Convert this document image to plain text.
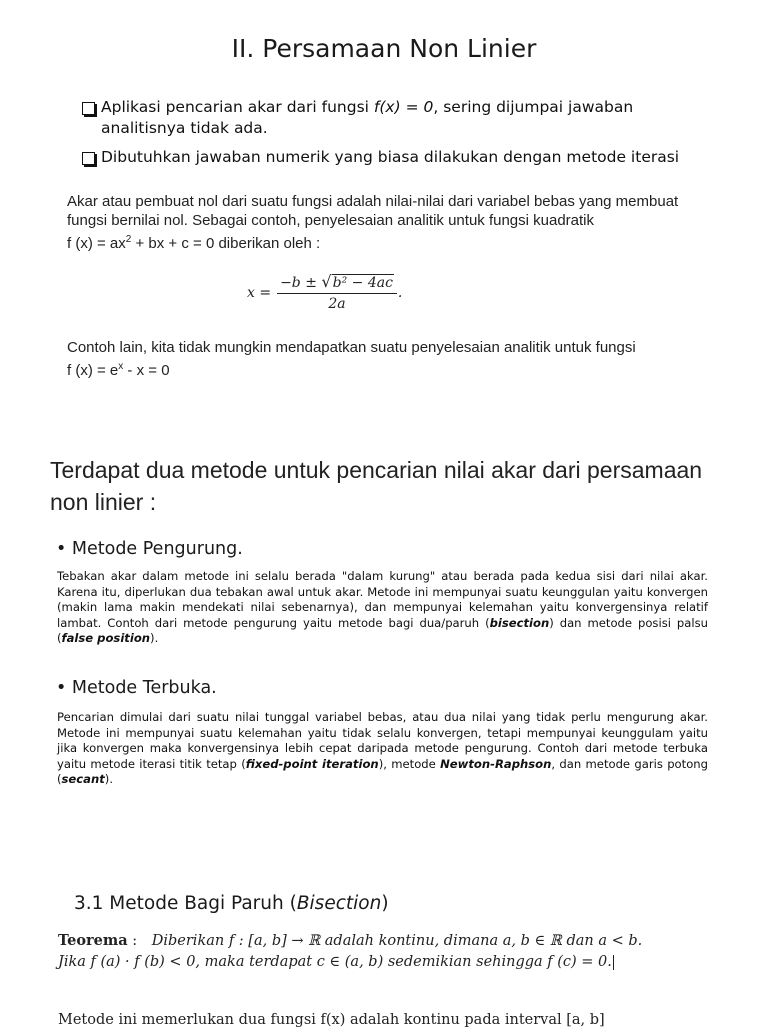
II. Persamaan Non Linier
Aplikasi pencarian akar dari fungsi f(x) = 0, sering dijumpai jawaban analitisnya tidak ada.
Dibutuhkan jawaban numerik yang biasa dilakukan dengan metode iterasi
Akar atau pembuat nol dari suatu fungsi adalah nilai-nilai dari variabel bebas yang membuat
fungsi bernilai nol. Sebagai contoh, penyelesaian analitik untuk fungsi kuadratik
f $(x) = ax^2$ + bx + c = 0 diberikan oleh :
x =	−b ± √b² − 4ac	.
2a
Contoh lain, kita tidak mungkin mendapatkan suatu penyelesaian analitik untuk fungsi
f $(x) = e^x - x = 0$
Terdapat dua metode untuk pencarian nilai akar dari persamaan non linier :
• Metode Pengurung.
Tebakan akar dalam metode ini selalu berada "dalam kurung" atau berada pada kedua sisi dari nilai akar. Karena itu, diperlukan dua tebakan awal untuk akar. Metode ini mempunyai suatu keunggulan yaitu konvergen (makin lama makin mendekati nilai sebenarnya), dan mempunyai kelemahan yaitu konvergensinya relatif lambat. Contoh dari metode pengurung yaitu metode bagi dua/paruh (bisection) dan metode posisi palsu (false position).
• Metode Terbuka.
Pencarian dimulai dari suatu nilai tunggal variabel bebas, atau dua nilai yang tidak perlu mengurung akar. Metode ini mempunyai suatu kelemahan yaitu tidak selalu konvergen, tetapi mempunyai keunggulam yaitu jika konvergen maka konvergensinya lebih cepat daripada metode pengurung. Contoh dari metode terbuka yaitu metode iterasi titik tetap (fixed-point iteration), metode Newton-Raphson, dan metode garis potong (secant).
3.1 Metode Bagi Paruh (Bisection)
Teorema : Diberikan f : [a, b] → ℝ adalah kontinu, dimana a, b ∈ ℝ dan a < b.
Jika f (a) · f (b) < 0, maka terdapat c ∈ (a, b) sedemikian sehingga f (c) = 0.
Metode ini memerlukan dua fungsi f(x) adalah kontinu pada interval [a, b]
